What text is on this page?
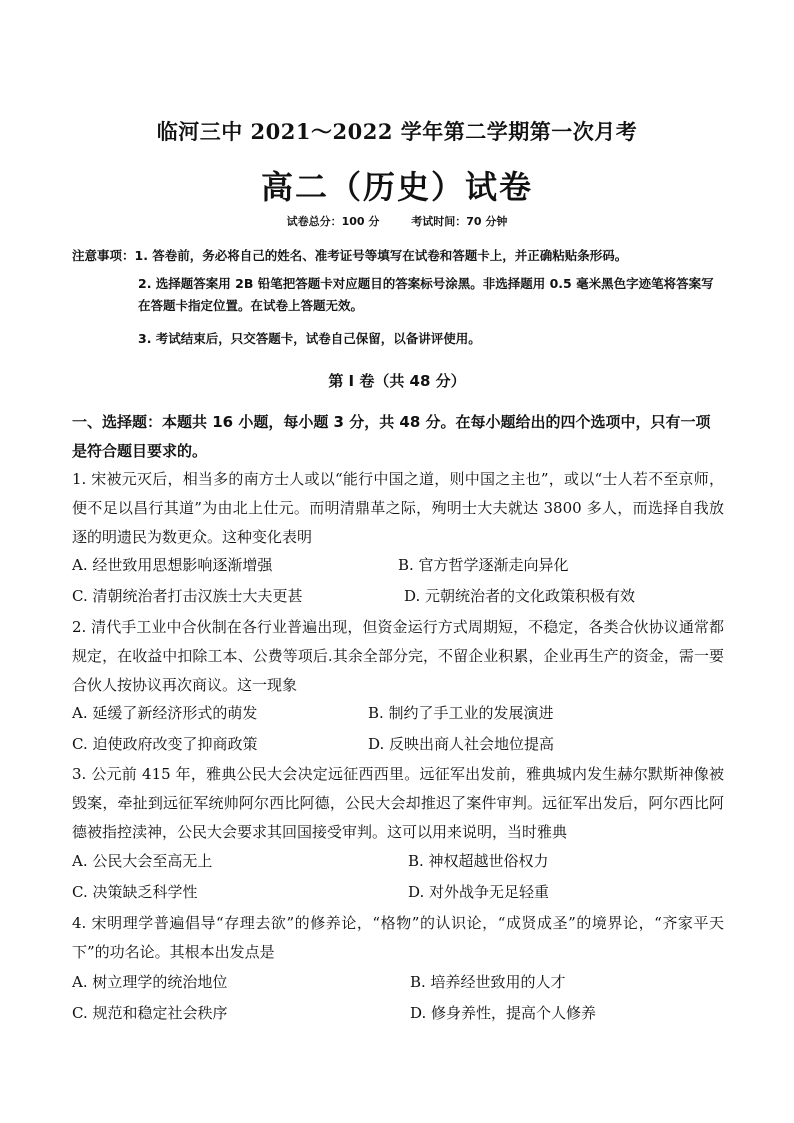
临河三中 2021～2022 学年第二学期第一次月考
高二（历史）试卷
试卷总分：100 分	考试时间：70 分钟
注意事项：1. 答卷前，务必将自己的姓名、准考证号等填写在试卷和答题卡上，并正确粘贴条形码。
2. 选择题答案用 2B 铅笔把答题卡对应题目的答案标号涂黑。非选择题用 0.5 毫米黑色字迹笔将答案写在答题卡指定位置。在试卷上答题无效。
3. 考试结束后，只交答题卡，试卷自己保留，以备讲评使用。
第 Ⅰ 卷（共 48 分）
一、选择题：本题共 16 小题，每小题 3 分，共 48 分。在每小题给出的四个选项中，只有一项是符合题目要求的。
1. 宋被元灭后，相当多的南方士人或以“能行中国之道，则中国之主也”，或以“士人若不至京师，便不足以昌行其道”为由北上仕元。而明清鼎革之际，殉明士大夫就达 3800 多人，而选择自我放逐的明遗民为数更众。这种变化表明
A. 经世致用思想影响逐渐增强	B. 官方哲学逐渐走向异化
C. 清朝统治者打击汉族士大夫更甚	D. 元朝统治者的文化政策积极有效
2. 清代手工业中合伙制在各行业普遍出现，但资金运行方式周期短，不稳定，各类合伙协议通常都规定，在收益中扣除工本、公费等项后.其余全部分完，不留企业积累，企业再生产的资金，需一要合伙人按协议再次商议。这一现象
A. 延缓了新经济形式的萌发	B. 制约了手工业的发展演进
C. 迫使政府改变了抑商政策	D. 反映出商人社会地位提高
3. 公元前 415 年，雅典公民大会决定远征西西里。远征军出发前，雅典城内发生赫尔默斯神像被毁案，牵扯到远征军统帅阿尔西比阿德，公民大会却推迟了案件审判。远征军出发后，阿尔西比阿德被指控渎神，公民大会要求其回国接受审判。这可以用来说明，当时雅典
A. 公民大会至高无上	B. 神权超越世俗权力
C. 决策缺乏科学性	D. 对外战争无足轻重
4. 宋明理学普遍倡导“存理去欲”的修养论，“格物”的认识论，“成贤成圣”的境界论，“齐家平天下”的功名论。其根本出发点是
A. 树立理学的统治地位	B. 培养经世致用的人才
C. 规范和稳定社会秩序	D. 修身养性，提高个人修养
